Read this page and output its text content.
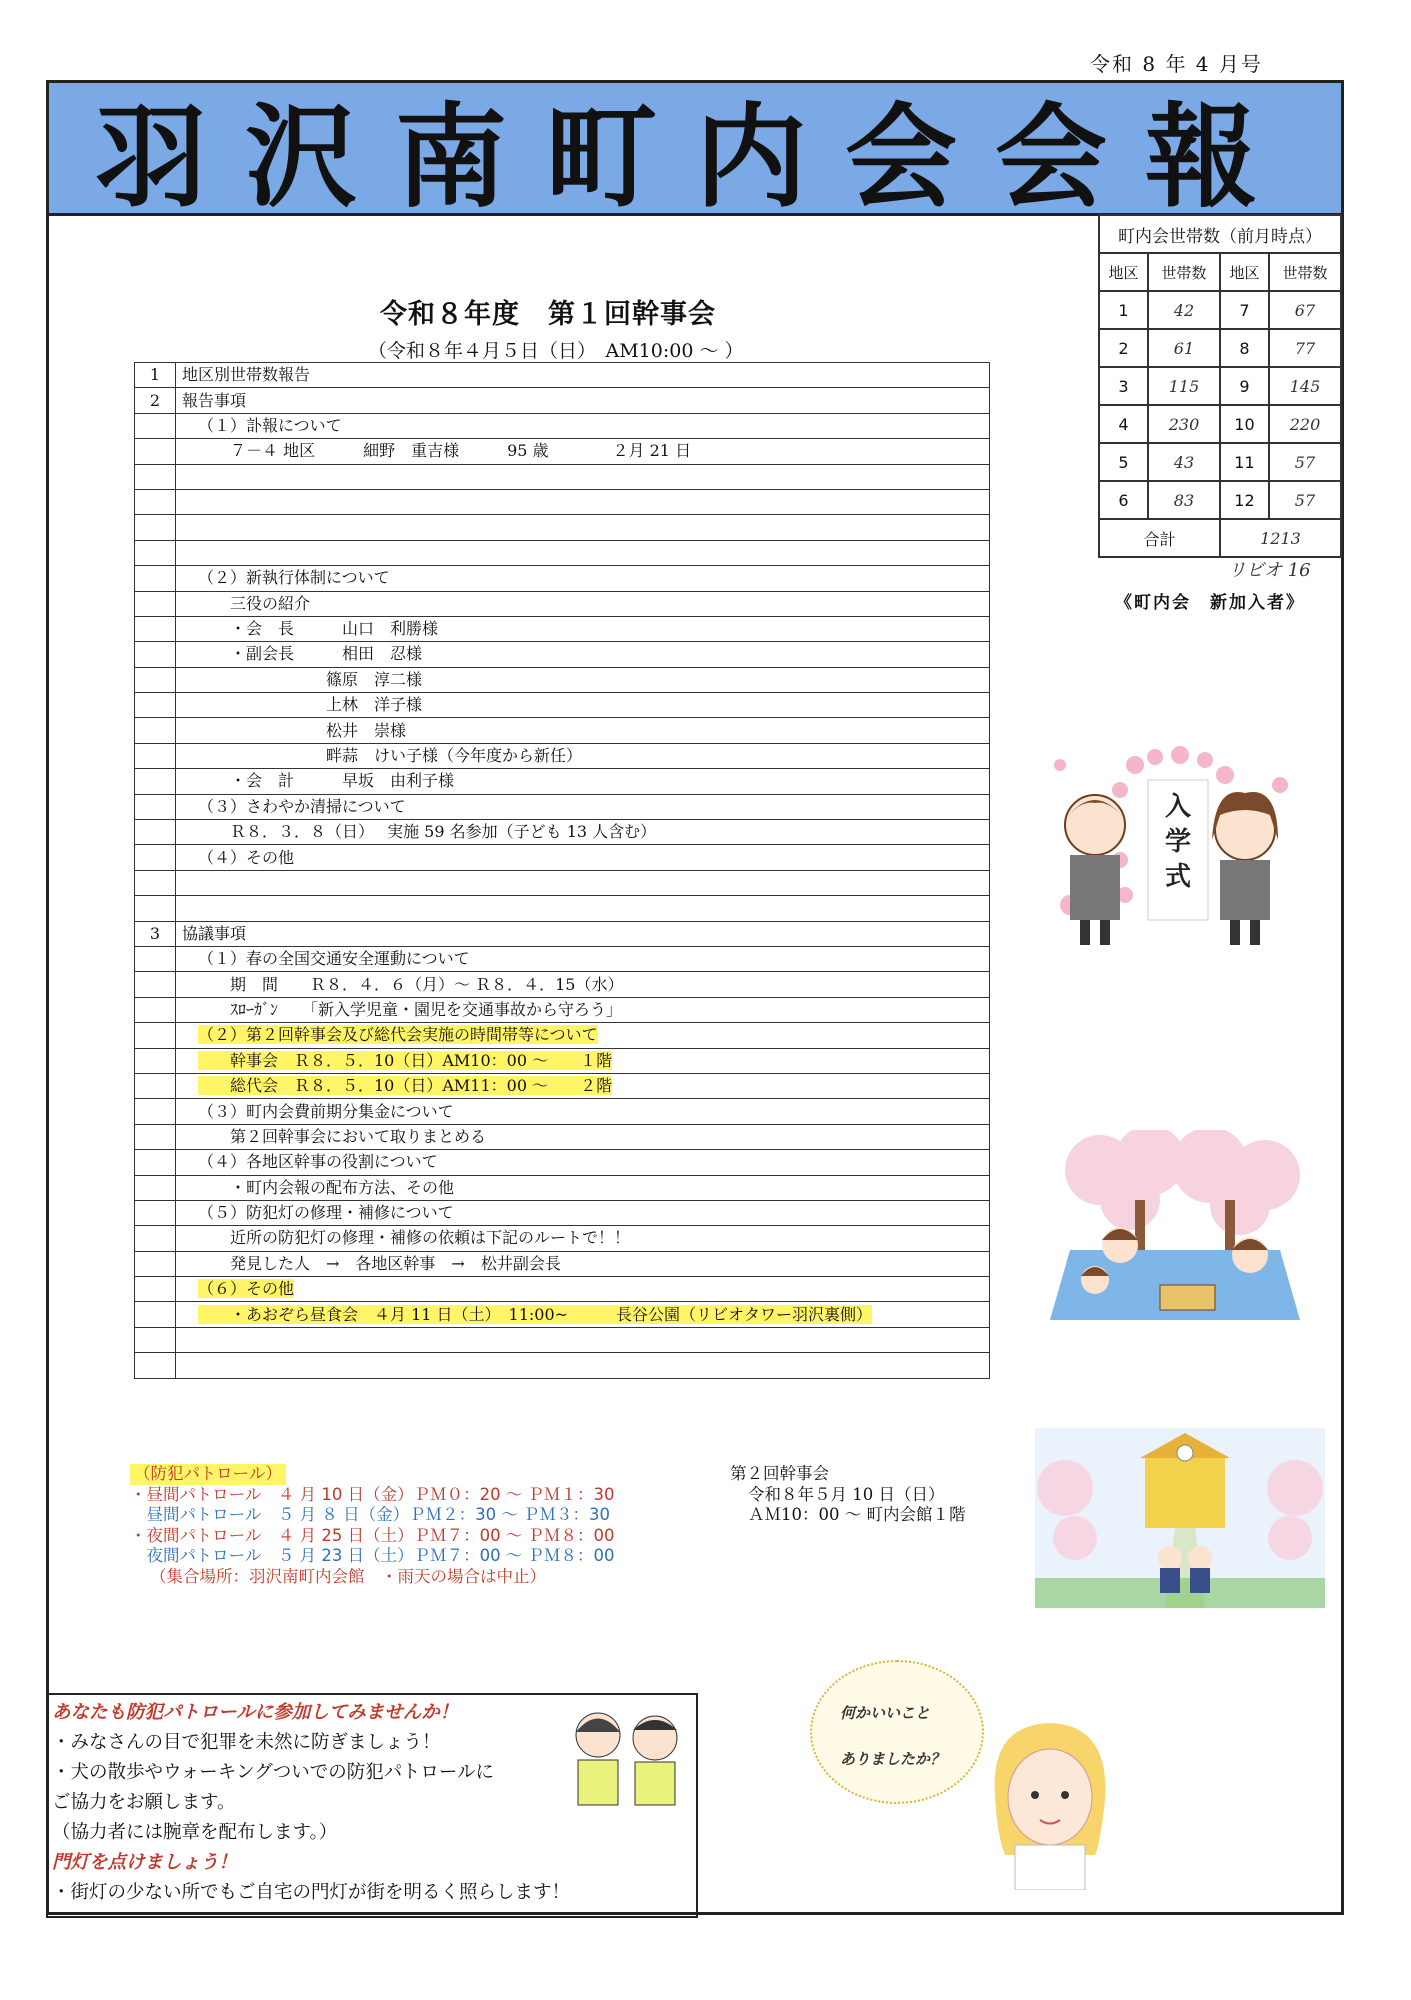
令和 8 年 4 月号
羽沢南町内会会報
町内会世帯数（前月時点）			
地区	世帯数	地区	世帯数
1	42	7	67
2	61	8	77
3	115	9	145
4	230	10	220
5	43	11	57
6	83	12	57
合計		1213	
リビオ 16
《町内会　新加入者》
入
学
式
令和８年度　第１回幹事会
（令和８年４月５日（日）　AM10:00 ～ ）
1	地区別世帯数報告
2	報告事項
	（１）訃報について
	　　７－４ 地区　　　細野　重吉様　　　95 歳　　　　２月 21 日

	（２）新執行体制について
	　　三役の紹介
	　　・会　長　　　山口　利勝様
	　　・副会長　　　相田　忍様
	　　　　　　　　篠原　淳二様
	　　　　　　　　上林　洋子様
	　　　　　　　　松井　崇様
	　　　　　　　　畔蒜　けい子様（今年度から新任）
	　　・会　計　　　早坂　由利子様
	（３）さわやか清掃について
	　　Ｒ８．３．８（日）　 実施 59 名参加（子ども 13 人含む）
	（４）その他

3	協議事項
	（１）春の全国交通安全運動について
	　　期　間　　Ｒ８．４．６（月）～ Ｒ８．４．15（水）
	　　ｽﾛｰｶﾞﾝ　　「新入学児童・園児を交通事故から守ろう」
	（２）第２回幹事会及び総代会実施の時間帯等について
	　　幹事会　Ｒ８．５．10（日）AM10：00 ～　　１階
	　　総代会　Ｒ８．５．10（日）AM11：00 ～　　２階
	（３）町内会費前期分集金について
	　　第２回幹事会において取りまとめる
	（４）各地区幹事の役割について
	　　・町内会報の配布方法、その他
	（５）防犯灯の修理・補修について
	　　近所の防犯灯の修理・補修の依頼は下記のルートで！！
	　　発見した人　→　各地区幹事　→　松井副会長
	（６）その他
	　　・あおぞら昼食会　４月 11 日（土）　11:00~　　　長谷公園（リビオタワー羽沢裏側）

（防犯パトロール）
・昼間パトロール　４ 月 10 日（金）ＰＭ０：20 ～ ＰＭ１：30
　昼間パトロール　５ 月 ８ 日（金）ＰＭ２：30 ～ ＰＭ３：30
・夜間パトロール　４ 月 25 日（土）ＰＭ７：00 ～ ＰＭ８：00
　夜間パトロール　５ 月 23 日（土）ＰＭ７：00 ～ ＰＭ８：00
（集合場所：羽沢南町内会館　・雨天の場合は中止）
第２回幹事会
令和８年５月 10 日（日）
ＡＭ10：00 ～ 町内会館１階
あなたも防犯パトロールに参加してみませんか！
・みなさんの目で犯罪を未然に防ぎましょう！
・犬の散歩やウォーキングついでの防犯パトロールに
ご協力をお願します。
（協力者には腕章を配布します。）
門灯を点けましょう！
・街灯の少ない所でもご自宅の門灯が街を明るく照らします！
何かいいこと
ありましたか？
